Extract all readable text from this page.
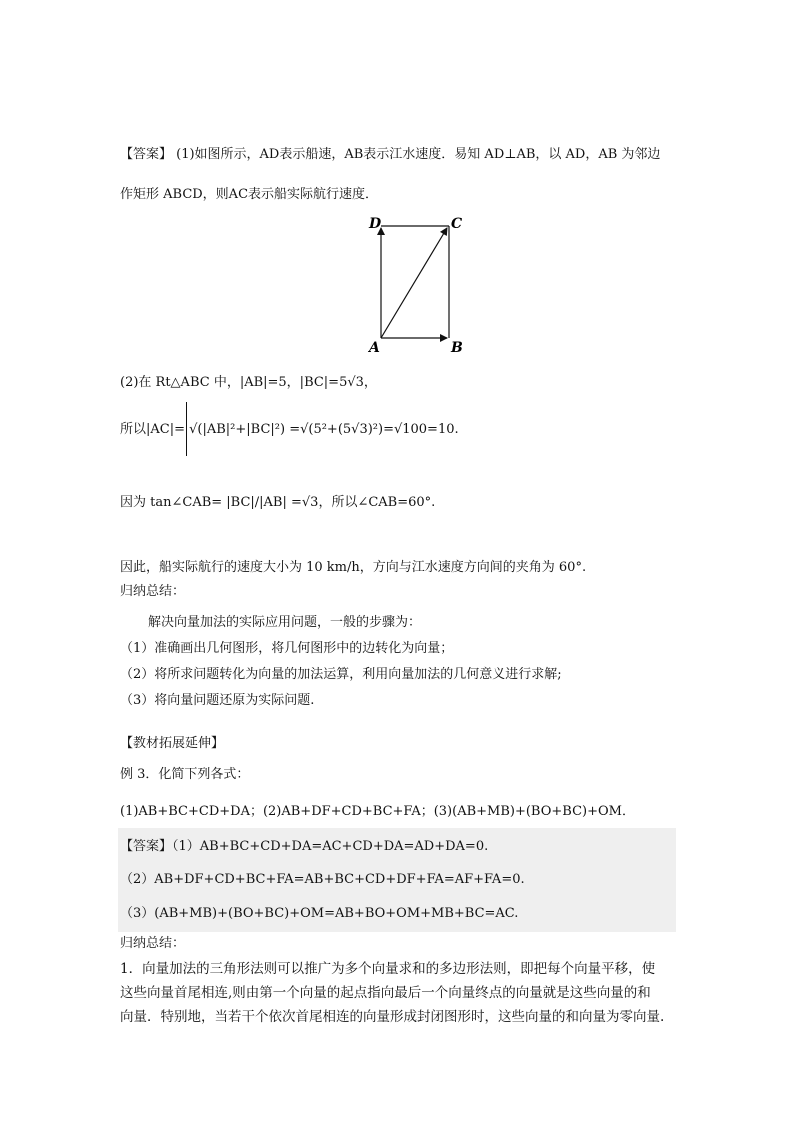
【答案】 (1)如图所示，AD表示船速，AB表示江水速度．易知 AD⊥AB，以 AD，AB 为邻边
作矩形 ABCD，则AC表示船实际航行速度．
D	C
A	B
(2)在 Rt△ABC 中，|AB|=5，|BC|=5√3，
所以|AC|= √(|AB|²+|BC|²) =√(5²+(5√3)²)=√100=10.
因为 tan∠CAB= |BC|/|AB| =√3，所以∠CAB=60°.
因此，船实际航行的速度大小为 10 km/h，方向与江水速度方向间的夹角为 60°.
归纳总结：
解决向量加法的实际应用问题，一般的步骤为：
（1）准确画出几何图形，将几何图形中的边转化为向量；
（2）将所求问题转化为向量的加法运算，利用向量加法的几何意义进行求解;
（3）将向量问题还原为实际问题.
【教材拓展延伸】
例 3．化简下列各式：
(1)AB+BC+CD+DA；(2)AB+DF+CD+BC+FA；(3)(AB+MB)+(BO+BC)+OM．
【答案】（1）AB+BC+CD+DA=AC+CD+DA=AD+DA=0.
（2）AB+DF+CD+BC+FA=AB+BC+CD+DF+FA=AF+FA=0.
（3）(AB+MB)+(BO+BC)+OM=AB+BO+OM+MB+BC=AC.
归纳总结：
1．向量加法的三角形法则可以推广为多个向量求和的多边形法则，即把每个向量平移，使
这些向量首尾相连,则由第一个向量的起点指向最后一个向量终点的向量就是这些向量的和
向量．特别地，当若干个依次首尾相连的向量形成封闭图形时，这些向量的和向量为零向量.
